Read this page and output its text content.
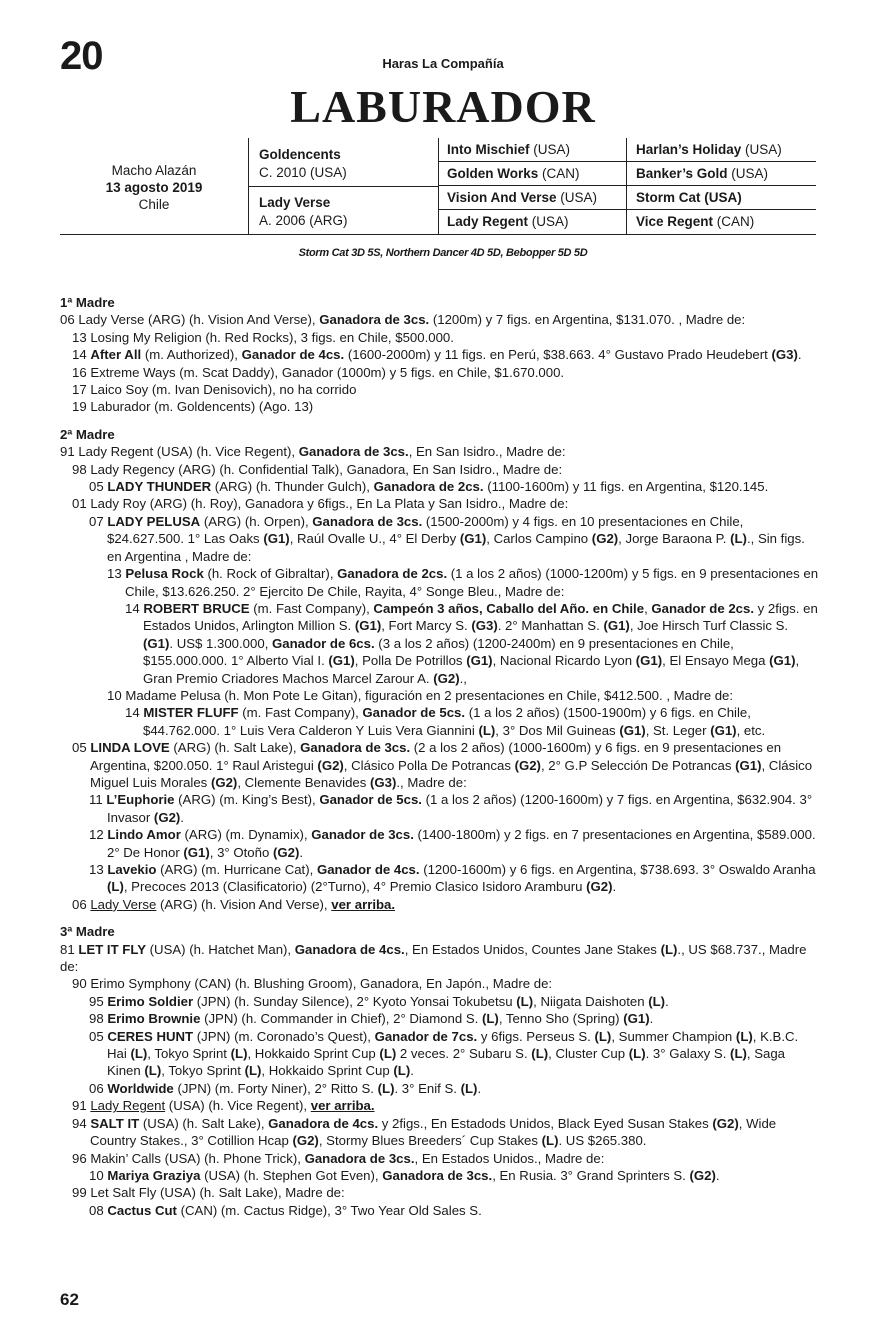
20	Haras La Compañía
LABURADOR
Macho Alazán
13 agosto 2019
Chile
Goldencents
C. 2010 (USA)
Lady Verse
A. 2006 (ARG)
Into Mischief (USA)
Golden Works (CAN)
Vision And Verse (USA)
Lady Regent (USA)
Harlan’s Holiday (USA)
Banker’s Gold (USA)
Storm Cat (USA)
Vice Regent (CAN)
Storm Cat 3D 5S, Northern Dancer 4D 5D, Bebopper 5D 5D
1ª Madre
06 Lady Verse (ARG) (h. Vision And Verse), Ganadora de 3cs. (1200m) y 7 figs. en Argentina, $131.070. , Madre de:
13 Losing My Religion (h. Red Rocks), 3 figs. en Chile, $500.000.
14 After All (m. Authorized), Ganador de 4cs. (1600-2000m) y 11 figs. en Perú, $38.663. 4° Gustavo Prado Heudebert (G3).
16 Extreme Ways (m. Scat Daddy), Ganador (1000m) y 5 figs. en Chile, $1.670.000.
17 Laico Soy (m. Ivan Denisovich), no ha corrido
19 Laburador (m. Goldencents) (Ago. 13)
2ª Madre
91 Lady Regent (USA) (h. Vice Regent), Ganadora de 3cs., En San Isidro., Madre de:
98 Lady Regency (ARG) (h. Confidential Talk), Ganadora, En San Isidro., Madre de:
05 LADY THUNDER (ARG) (h. Thunder Gulch), Ganadora de 2cs. (1100-1600m) y 11 figs. en Argentina, $120.145.
01 Lady Roy (ARG) (h. Roy), Ganadora y 6figs., En La Plata y San Isidro., Madre de:
07 LADY PELUSA (ARG) (h. Orpen), Ganadora de 3cs. (1500-2000m) y 4 figs. en 10 presentaciones en Chile, $24.627.500. 1° Las Oaks (G1), Raúl Ovalle U., 4° El Derby (G1), Carlos Campino (G2), Jorge Baraona P. (L)., Sin figs. en Argentina , Madre de:
13 Pelusa Rock (h. Rock of Gibraltar), Ganadora de 2cs. (1 a los 2 años) (1000-1200m) y 5 figs. en 9 presentaciones en Chile, $13.626.250. 2° Ejercito De Chile, Rayita, 4° Songe Bleu., Madre de:
14 ROBERT BRUCE (m. Fast Company), Campeón 3 años, Caballo del Año. en Chile, Ganador de 2cs. y 2figs. en Estados Unidos, Arlington Million S. (G1), Fort Marcy S. (G3). 2° Manhattan S. (G1), Joe Hirsch Turf Classic S. (G1). US$ 1.300.000, Ganador de 6cs. (3 a los 2 años) (1200-2400m) en 9 presentaciones en Chile, $155.000.000. 1° Alberto Vial I. (G1), Polla De Potrillos (G1), Nacional Ricardo Lyon (G1), El Ensayo Mega (G1), Gran Premio Criadores Machos Marcel Zarour A. (G2).,
10 Madame Pelusa (h. Mon Pote Le Gitan), figuración en 2 presentaciones en Chile, $412.500. , Madre de:
14 MISTER FLUFF (m. Fast Company), Ganador de 5cs. (1 a los 2 años) (1500-1900m) y 6 figs. en Chile, $44.762.000. 1° Luis Vera Calderon Y Luis Vera Giannini (L), 3° Dos Mil Guineas (G1), St. Leger (G1), etc.
05 LINDA LOVE (ARG) (h. Salt Lake), Ganadora de 3cs. (2 a los 2 años) (1000-1600m) y 6 figs. en 9 presentaciones en Argentina, $200.050. 1° Raul Aristegui (G2), Clásico Polla De Potrancas (G2), 2° G.P Selección De Potrancas (G1), Clásico Miguel Luis Morales (G2), Clemente Benavides (G3)., Madre de:
11 L’Euphorie (ARG) (m. King’s Best), Ganador de 5cs. (1 a los 2 años) (1200-1600m) y 7 figs. en Argentina, $632.904. 3° Invasor (G2).
12 Lindo Amor (ARG) (m. Dynamix), Ganador de 3cs. (1400-1800m) y 2 figs. en 7 presentaciones en Argentina, $589.000. 2° De Honor (G1), 3° Otoño (G2).
13 Lavekio (ARG) (m. Hurricane Cat), Ganador de 4cs. (1200-1600m) y 6 figs. en Argentina, $738.693. 3° Oswaldo Aranha (L), Precoces 2013 (Clasificatorio) (2°Turno), 4° Premio Clasico Isidoro Aramburu (G2).
06 Lady Verse (ARG) (h. Vision And Verse), ver arriba.
3ª Madre
81 LET IT FLY (USA) (h. Hatchet Man), Ganadora de 4cs., En Estados Unidos, Countes Jane Stakes (L)., US $68.737., Madre de:
90 Erimo Symphony (CAN) (h. Blushing Groom), Ganadora, En Japón., Madre de:
95 Erimo Soldier (JPN) (h. Sunday Silence), 2° Kyoto Yonsai Tokubetsu (L), Niigata Daishoten (L).
98 Erimo Brownie (JPN) (h. Commander in Chief), 2° Diamond S. (L), Tenno Sho (Spring) (G1).
05 CERES HUNT (JPN) (m. Coronado’s Quest), Ganador de 7cs. y 6figs. Perseus S. (L), Summer Champion (L), K.B.C. Hai (L), Tokyo Sprint (L), Hokkaido Sprint Cup (L) 2 veces. 2° Subaru S. (L), Cluster Cup (L). 3° Galaxy S. (L), Saga Kinen (L), Tokyo Sprint (L), Hokkaido Sprint Cup (L).
06 Worldwide (JPN) (m. Forty Niner), 2° Ritto S. (L). 3° Enif S. (L).
91 Lady Regent (USA) (h. Vice Regent), ver arriba.
94 SALT IT (USA) (h. Salt Lake), Ganadora de 4cs. y 2figs., En Estadods Unidos, Black Eyed Susan Stakes (G2), Wide Country Stakes., 3° Cotillion Hcap (G2), Stormy Blues Breeders´ Cup Stakes (L). US $265.380.
96 Makin’ Calls (USA) (h. Phone Trick), Ganadora de 3cs., En Estados Unidos., Madre de:
10 Mariya Graziya (USA) (h. Stephen Got Even), Ganadora de 3cs., En Rusia. 3° Grand Sprinters S. (G2).
99 Let Salt Fly (USA) (h. Salt Lake), Madre de:
08 Cactus Cut (CAN) (m. Cactus Ridge), 3° Two Year Old Sales S.
62
